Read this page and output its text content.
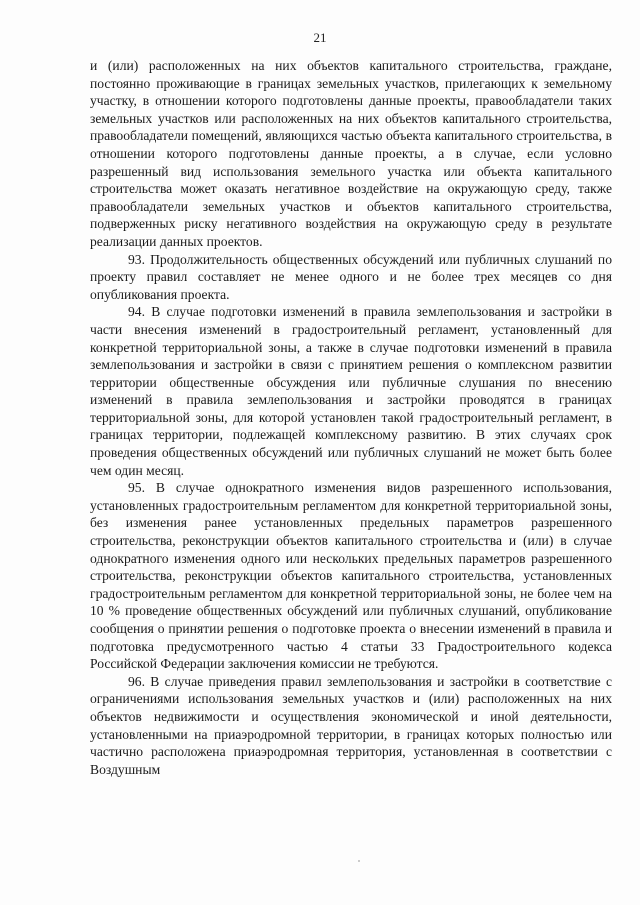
21

и (или) расположенных на них объектов капитального строительства, граждане, постоянно проживающие в границах земельных участков, прилегающих к земельному участку, в отношении которого подготовлены данные проекты, правообладатели таких земельных участков или расположенных на них объектов капитального строительства, правообладатели помещений, являющихся частью объекта капитального строительства, в отношении которого подготовлены данные проекты, а в случае, если условно разрешенный вид использования земельного участка или объекта капитального строительства может оказать негативное воздействие на окружающую среду, также правообладатели земельных участков и объектов капитального строительства, подверженных риску негативного воздействия на окружающую среду в результате реализации данных проектов.

93. Продолжительность общественных обсуждений или публичных слушаний по проекту правил составляет не менее одного и не более трех месяцев со дня опубликования проекта.

94. В случае подготовки изменений в правила землепользования и застройки в части внесения изменений в градостроительный регламент, установленный для конкретной территориальной зоны, а также в случае подготовки изменений в правила землепользования и застройки в связи с принятием решения о комплексном развитии территории общественные обсуждения или публичные слушания по внесению изменений в правила землепользования и застройки проводятся в границах территориальной зоны, для которой установлен такой градостроительный регламент, в границах территории, подлежащей комплексному развитию. В этих случаях срок проведения общественных обсуждений или публичных слушаний не может быть более чем один месяц.

95. В случае однократного изменения видов разрешенного использования, установленных градостроительным регламентом для конкретной территориальной зоны, без изменения ранее установленных предельных параметров разрешенного строительства, реконструкции объектов капитального строительства и (или) в случае однократного изменения одного или нескольких предельных параметров разрешенного строительства, реконструкции объектов капитального строительства, установленных градостроительным регламентом для конкретной территориальной зоны, не более чем на 10 % проведение общественных обсуждений или публичных слушаний, опубликование сообщения о принятии решения о подготовке проекта о внесении изменений в правила и подготовка предусмотренного частью 4 статьи 33 Градостроительного кодекса Российской Федерации заключения комиссии не требуются.

96. В случае приведения правил землепользования и застройки в соответствие с ограничениями использования земельных участков и (или) расположенных на них объектов недвижимости и осуществления экономической и иной деятельности, установленными на приаэродромной территории, в границах которых полностью или частично расположена приаэродромная территория, установленная в соответствии с Воздушным
